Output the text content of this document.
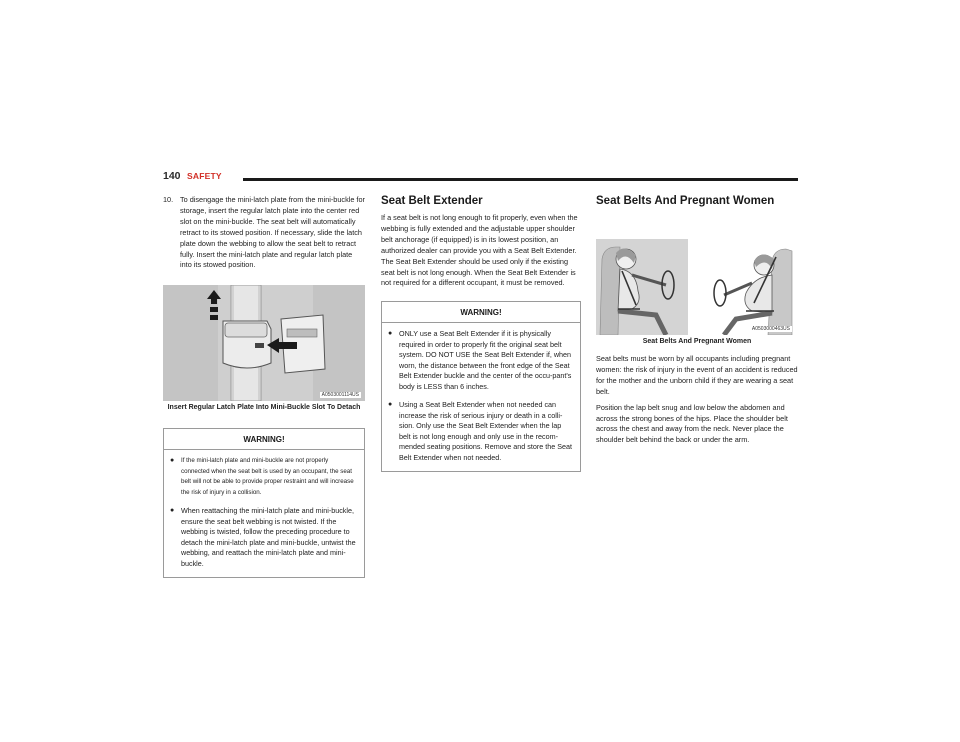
140 SAFETY
10. To disengage the mini-latch plate from the mini-buckle for storage, insert the regular latch plate into the center red slot on the mini-buckle. The seat belt will automatically retract to its stowed position. If necessary, slide the latch plate down the webbing to allow the seat belt to retract fully. Insert the mini-latch plate and regular latch plate into its stowed position.
A0503001114US

Insert Regular Latch Plate Into Mini-Buckle Slot To Detach

WARNING!
●	If the mini-latch plate and mini-buckle are not properly connected when the seat belt is used by an occupant, the seat belt will not be able to provide proper restraint and will increase the risk of injury in a collision.
● When reattaching the mini-latch plate and mini-buckle, ensure the seat belt webbing is not twisted. If the webbing is twisted, follow the preceding procedure to detach the mini-latch plate and mini-buckle, untwist the webbing, and reattach the mini-latch plate and mini-buckle.
Seat Belt Extender

If a seat belt is not long enough to fit properly, even when the webbing is fully extended and the adjustable upper shoulder belt anchorage (if equipped) is in its lowest position, an authorized dealer can provide you with a Seat Belt Extender. The Seat Belt Extender should be used only if the existing seat belt is not long enough. When the Seat Belt Extender is not required for a different occupant, it must be removed.

WARNING!
● ONLY use a Seat Belt Extender if it is physically required in order to properly fit the original seat belt system. DO NOT USE the Seat Belt Extender if, when worn, the distance between the front edge of the Seat Belt Extender buckle and the center of the occu-pant's body is LESS than 6 inches.
● Using a Seat Belt Extender when not needed can increase the risk of serious injury or death in a colli-sion. Only use the Seat Belt Extender when the lap belt is not long enough and only use in the recom-mended seating positions. Remove and store the Seat Belt Extender when not needed.
Seat Belts And Pregnant Women
A0503000463US

Seat Belts And Pregnant Women

Seat belts must be worn by all occupants including pregnant women: the risk of injury in the event of an accident is reduced for the mother and the unborn child if they are wearing a seat belt.

Position the lap belt snug and low below the abdomen and across the strong bones of the hips. Place the shoulder belt across the chest and away from the neck. Never place the shoulder belt behind the back or under the arm.
